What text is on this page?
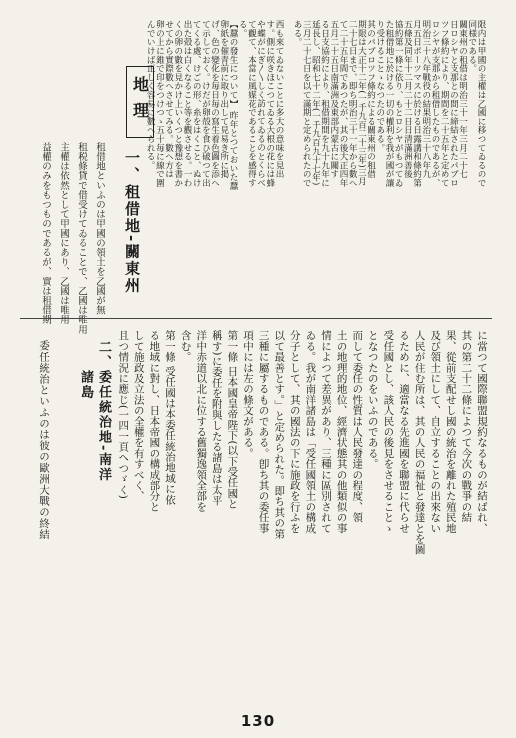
地理
一、租借地-關東州
限内は甲國の主權は乙國に移つてゐるので
同様である。
關東州の租借は明治三十一年三月二十七
日ロシヤと支那との間に締結されたパブロ
ツフ條約により、期間を二十五年と定めて
ロシヤが支那から租借したものであるが、
明治三十八年戰役の結果明治三十八年九
月五日ポーツマスに於ける日露講和條約第
五條及同年十二月二十二日日清滿洲善後
協約第一條に依り、もとロシヤがもつてゐ
た租借地に於ける一切の權利を我が國が讓
り受けることゝなつたのである。
其のパブロツフ條約による關東州の租借
期限は大正十二年(一千九百二十三年)三月
二十七日まで、即ち明治三十一年から數へ
て二十五年間であつたが、其の後大正四年
五月二十五日南滿洲及東部内蒙古に關す
る日支協約により、租借期間を九十九年に
延長し、昭和七十二年(一千九百九十七年)
三月二十七日を以て滿期と定められたので
ある。
租借地といふのは甲國の領土を乙國が無
租税條貸で借受けてゐることで、乙國は唯用
主權は依然として甲國にあり、乙國は唯用
益權のみをもつものであるが、實は租借期
西も來てゐないことに多大の意味を見出
す。側に咲きほこつてゐる大根の花には蜂
や蝶がにぎ〳〵しく訪れてゐるのとくらべ
て觀て、本當に風媒花であることを感得す
る。
【蠶の發生について】 昨年とつておいた蠶
卵紙を催青前に取り出して見易き所に掲
げ、色の變化を毎日毎の寫生着色圖を添へ
て示しておく。けだが卵殻を食ひ破つて出
てくる處、けごの形、糸をはくこと、ぬけ
出た殻は白くなること等を觀させる。一わ
くの卵の數を見かけ上いくつと豫想を書か
せてから實際數へさせてみる。數へ方は
卵の上に錐で印をつけつゝ五十毎に線で圍
んでいけば正しく容易に數へられる。
二、委任統治地-南洋
諸島
委任統治といふのは彼の歐洲大戰の終結	に當つて國際聯盟規約なるものが結ばれ、
其の第二十二條によつて今次の戰爭の結
果、從前支配せし國の統治を離れた殖民地
及び領土にして、自立することの出來ない
人民が住む所は、其の人民の福祉と發達とを圖
るために、適當なる先進國を聯盟に代らせ
受任國とし、該人民の後見をさせることゝ
となつたのをいふのである。
而して委任の性質は人民發達の程度、領
土の地理的地位、經濟状態其の他類似の事
情によつて差異があり、三種に區別されて
ゐる。我が南洋諸島は「受任國領土の構成
分子として、其の國法の下に施政を行ふを
以て最善とす。」と定められた。即ち其の第
三種に屬するものである。卽ち其の委任事
項中には左の條文がある。
第一條 日本國皇帝陛下(以下受任國と
稱す)に委任を附與したる諸島は太平
洋中赤道以北に位する舊獨逸領全部を
含む。
第一條 受任國は本委任統治地域に依
る地域に對し、日本帝國の構成部分と
して施政及立法の全權を有すべく、
且つ情況に應じ(一四一頁へつゞく)
130
